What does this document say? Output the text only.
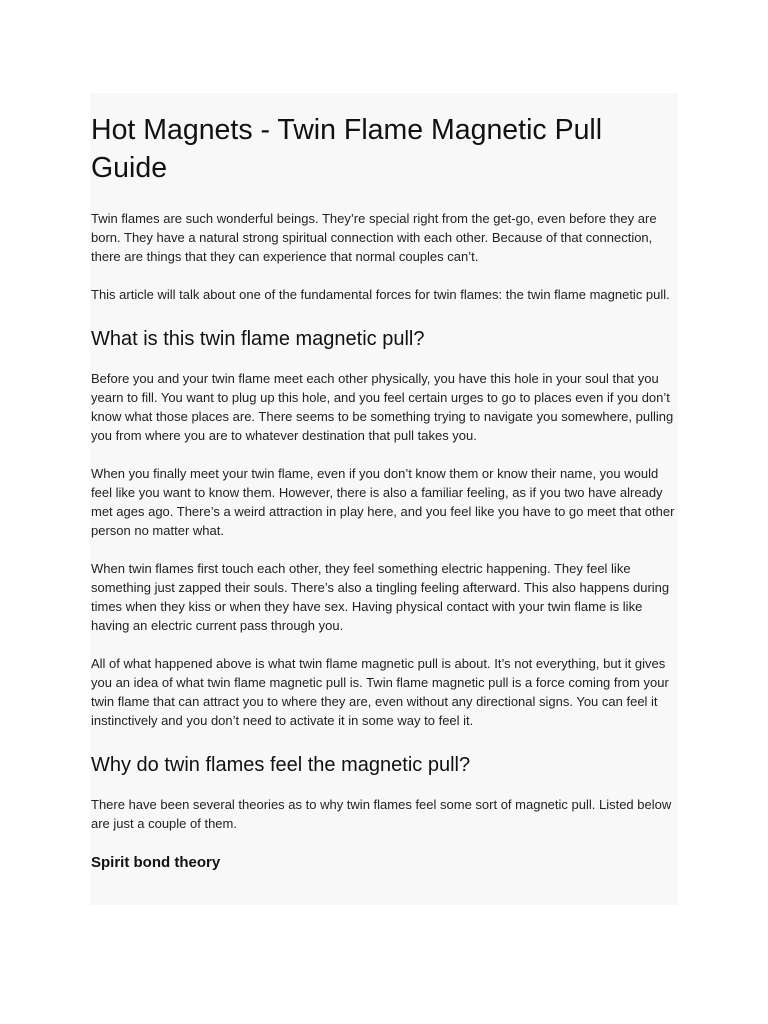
Hot Magnets - Twin Flame Magnetic Pull Guide

Twin flames are such wonderful beings. They’re special right from the get-go, even before they are born. They have a natural strong spiritual connection with each other. Because of that connection, there are things that they can experience that normal couples can’t.

This article will talk about one of the fundamental forces for twin flames: the twin flame magnetic pull.

What is this twin flame magnetic pull?

Before you and your twin flame meet each other physically, you have this hole in your soul that you yearn to fill. You want to plug up this hole, and you feel certain urges to go to places even if you don’t know what those places are. There seems to be something trying to navigate you somewhere, pulling you from where you are to whatever destination that pull takes you.

When you finally meet your twin flame, even if you don’t know them or know their name, you would feel like you want to know them. However, there is also a familiar feeling, as if you two have already met ages ago. There’s a weird attraction in play here, and you feel like you have to go meet that other person no matter what.

When twin flames first touch each other, they feel something electric happening. They feel like something just zapped their souls. There’s also a tingling feeling afterward. This also happens during times when they kiss or when they have sex. Having physical contact with your twin flame is like having an electric current pass through you.

All of what happened above is what twin flame magnetic pull is about. It’s not everything, but it gives you an idea of what twin flame magnetic pull is. Twin flame magnetic pull is a force coming from your twin flame that can attract you to where they are, even without any directional signs. You can feel it instinctively and you don’t need to activate it in some way to feel it.

Why do twin flames feel the magnetic pull?

There have been several theories as to why twin flames feel some sort of magnetic pull. Listed below are just a couple of them.

Spirit bond theory
